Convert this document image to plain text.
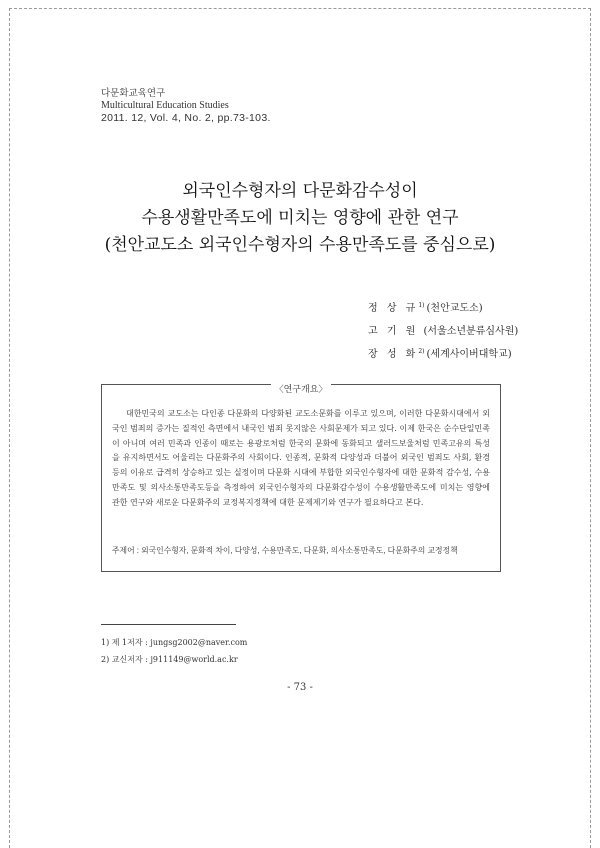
다문화교육연구
Multicultural Education Studies
2011. 12, Vol. 4, No. 2, pp.73-103.
외국인수형자의 다문화감수성이
수용생활만족도에 미치는 영향에 관한 연구
(천안교도소 외국인수형자의 수용만족도를 중심으로)
정 상 규$^{1)}$ (천안교도소)
고 기 원 (서울소년분류심사원)
장 성 화$^{2)}$ (세계사이버대학교)
〈연구개요〉
대한민국의 교도소는 다인종 다문화의 다양화된 교도소문화를 이루고 있으며, 이러한 다문화시대에서 외국인 범죄의 증가는 질적인 측면에서 내국인 범죄 못지않은 사회문제가 되고 있다. 이제 한국은 순수단일민족이 아니며 여러 민족과 인종이 때로는 용광로처럼 한국의 문화에 동화되고 샐러드보울처럼 민족고유의 특성을 유지하면서도 어울리는 다문화주의 사회이다. 인종적, 문화적 다양성과 더불어 외국인 범죄도 사회, 환경 등의 이유로 급격히 상승하고 있는 실정이며 다문화 시대에 부합한 외국인수형자에 대한 문화적 감수성, 수용만족도 및 의사소통만족도등을 측정하여 외국인수형자의 다문화감수성이 수용생활만족도에 미치는 영향에 관한 연구와 새로운 다문화주의 교정복지정책에 대한 문제제기와 연구가 필요하다고 본다.
주제어 : 외국인수형자, 문화적 차이, 다양성, 수용만족도, 다문화, 의사소통만족도, 다문화주의 교정정책
1) 제 1저자 : jungsg2002@naver.com
2) 교신저자 : j911149@world.ac.kr
- 73 -
